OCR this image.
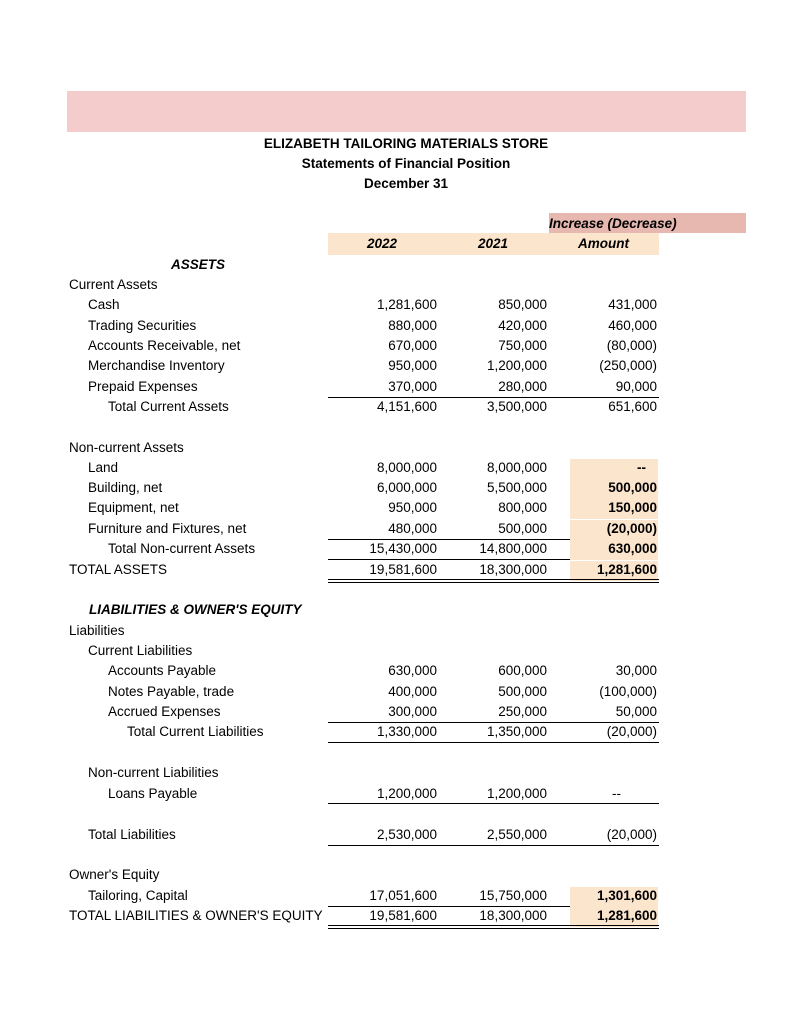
ELIZABETH TAILORING MATERIALS STORE
Statements of Financial Position
December 31
Increase (Decrease)
2022	2021	Amount
ASSETS
Current Assets
Cash	1,281,600	850,000	431,000
Trading Securities	880,000	420,000	460,000
Accounts Receivable, net	670,000	750,000	(80,000)
Merchandise Inventory	950,000	1,200,000	(250,000)
Prepaid Expenses	370,000	280,000	90,000
Total Current Assets	4,151,600	3,500,000	651,600
Non-current Assets
Land	8,000,000	8,000,000	--
Building, net	6,000,000	5,500,000	500,000
Equipment, net	950,000	800,000	150,000
Furniture and Fixtures, net	480,000	500,000	(20,000)
Total Non-current Assets	15,430,000	14,800,000	630,000
TOTAL ASSETS	19,581,600	18,300,000	1,281,600
LIABILITIES & OWNER'S EQUITY
Liabilities
Current Liabilities
Accounts Payable	630,000	600,000	30,000
Notes Payable, trade	400,000	500,000	(100,000)
Accrued Expenses	300,000	250,000	50,000
Total Current Liabilities	1,330,000	1,350,000	(20,000)
Non-current Liabilities
Loans Payable	1,200,000	1,200,000	--
Total Liabilities	2,530,000	2,550,000	(20,000)
Owner's Equity
Tailoring, Capital	17,051,600	15,750,000	1,301,600
TOTAL LIABILITIES & OWNER'S EQUITY	19,581,600	18,300,000	1,281,600
